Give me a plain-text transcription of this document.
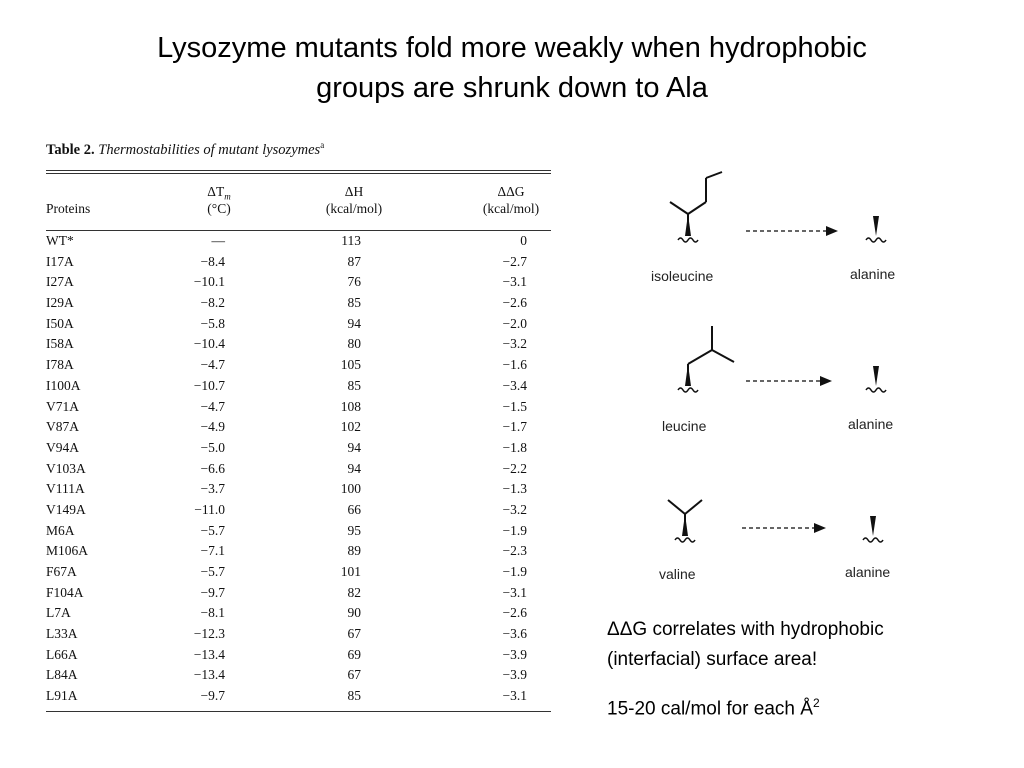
Lysozyme mutants fold more weakly when hydrophobic
groups are shrunk down to Ala
Table 2. Thermostabilities of mutant lysozymes$^a$
Proteins
$\Delta T_m$
(°C)
ΔH
(kcal/mol)
ΔΔG
(kcal/mol)
WT*	—	113	0
I17A	−8.4	87	−2.7
I27A	−10.1	76	−3.1
I29A	−8.2	85	−2.6
I50A	−5.8	94	−2.0
I58A	−10.4	80	−3.2
I78A	−4.7	105	−1.6
I100A	−10.7	85	−3.4
V71A	−4.7	108	−1.5
V87A	−4.9	102	−1.7
V94A	−5.0	94	−1.8
V103A	−6.6	94	−2.2
V111A	−3.7	100	−1.3
V149A	−11.0	66	−3.2
M6A	−5.7	95	−1.9
M106A	−7.1	89	−2.3
F67A	−5.7	101	−1.9
F104A	−9.7	82	−3.1
L7A	−8.1	90	−2.6
L33A	−12.3	67	−3.6
L66A	−13.4	69	−3.9
L84A	−13.4	67	−3.9
L91A	−9.7	85	−3.1
isoleucine	alanine
leucine	alanine
valine	alanine
ΔΔG correlates with hydrophobic
(interfacial) surface area!
15-20 cal/mol for each $Å^2$
